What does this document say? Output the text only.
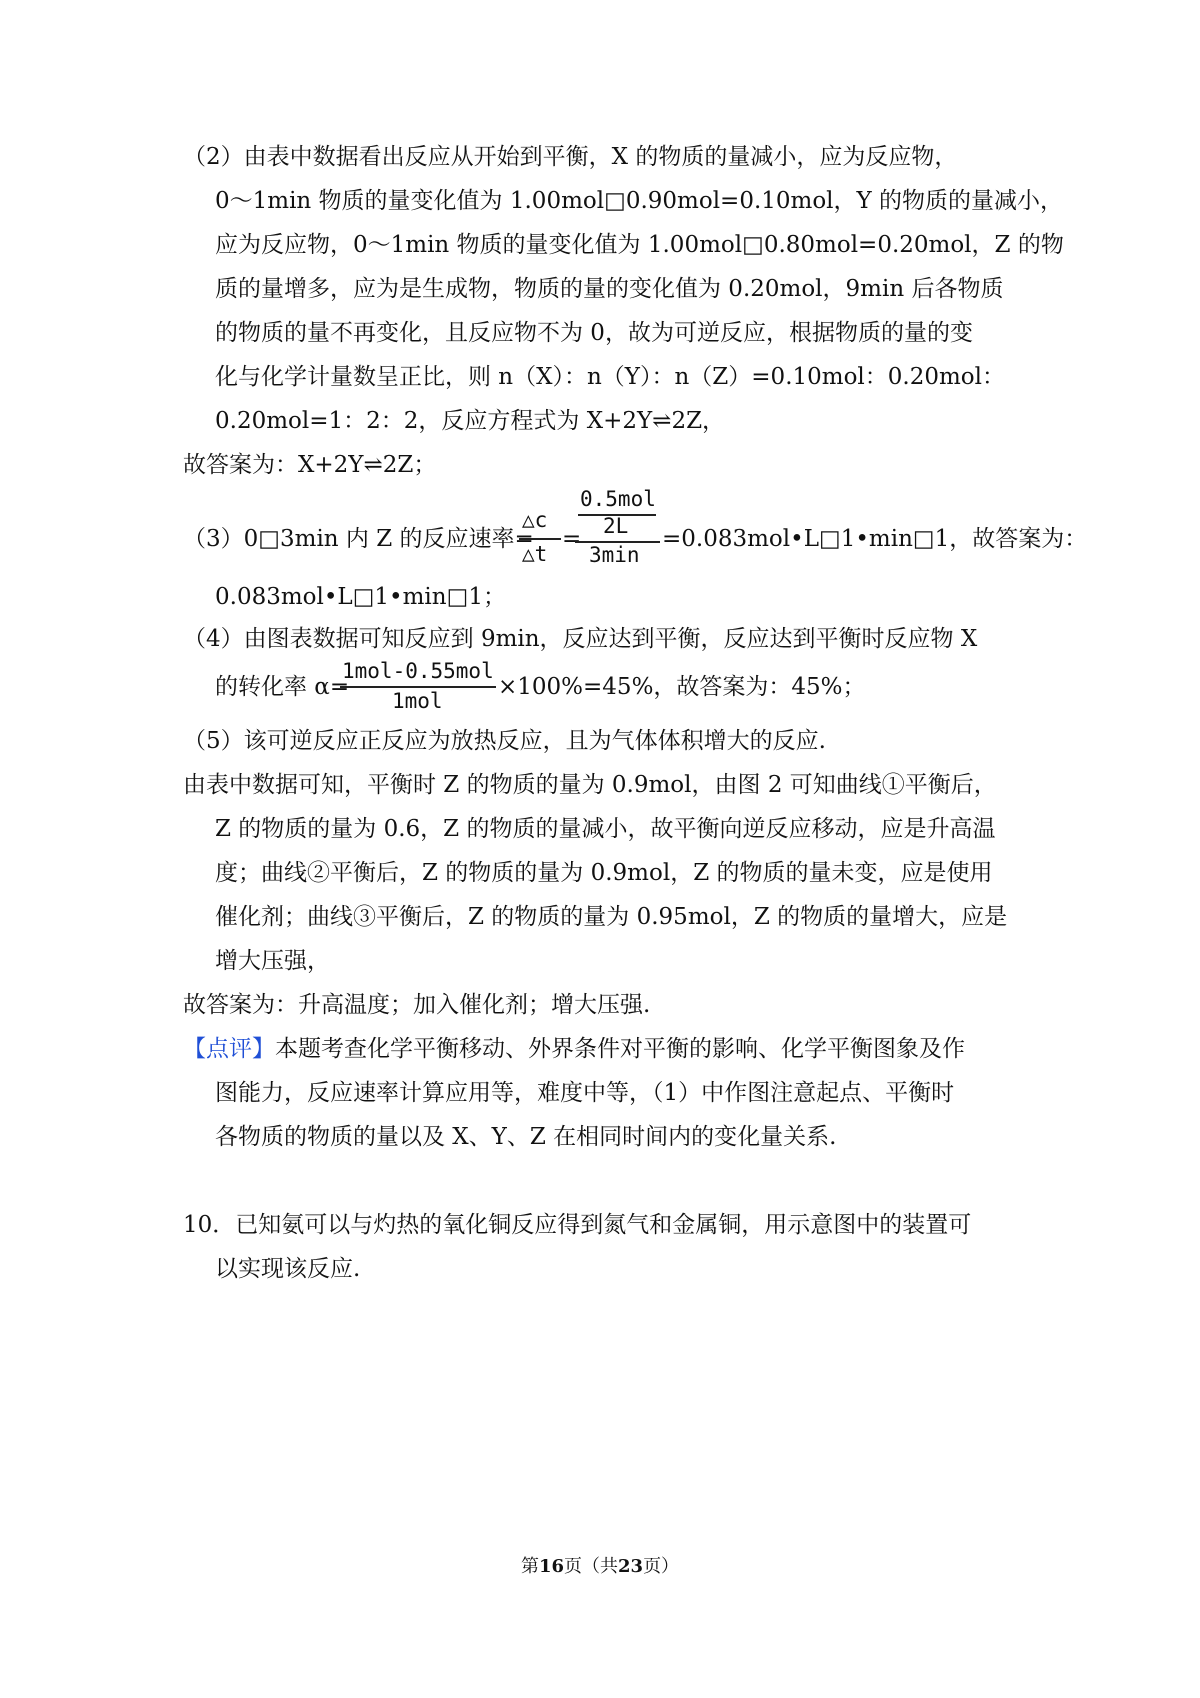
（2）由表中数据看出反应从开始到平衡，X 的物质的量减小，应为反应物，
0～1min 物质的量变化值为 1.00mol□0.90mol=0.10mol，Y 的物质的量减小，
应为反应物，0～1min 物质的量变化值为 1.00mol□0.80mol=0.20mol，Z 的物
质的量增多，应为是生成物，物质的量的变化值为 0.20mol，9min 后各物质
的物质的量不再变化，且反应物不为 0，故为可逆反应，根据物质的量的变
化与化学计量数呈正比，则 n（X）：n（Y）：n（Z）=0.10mol：0.20mol：
0.20mol=1：2：2，反应方程式为 X+2Y⇌2Z，
故答案为：X+2Y⇌2Z；
（3）0□3min 内 Z 的反应速率=
△c
△t
=
0.5mol
2L
3min
=0.083mol•L□1•min□1，故答案为：
0.083mol•L□1•min□1；
（4）由图表数据可知反应到 9min，反应达到平衡，反应达到平衡时反应物 X
的转化率 α=
1mol-0.55mol
1mol
×100%=45%，故答案为：45%；
（5）该可逆反应正反应为放热反应，且为气体体积增大的反应.
由表中数据可知，平衡时 Z 的物质的量为 0.9mol，由图 2 可知曲线①平衡后，
Z 的物质的量为 0.6，Z 的物质的量减小，故平衡向逆反应移动，应是升高温
度；曲线②平衡后，Z 的物质的量为 0.9mol，Z 的物质的量未变，应是使用
催化剂；曲线③平衡后，Z 的物质的量为 0.95mol，Z 的物质的量增大，应是
增大压强，
故答案为：升高温度；加入催化剂；增大压强.
【点评】本题考查化学平衡移动、外界条件对平衡的影响、化学平衡图象及作
图能力，反应速率计算应用等，难度中等，（1）中作图注意起点、平衡时
各物质的物质的量以及 X、Y、Z 在相同时间内的变化量关系.
10．已知氨可以与灼热的氧化铜反应得到氮气和金属铜，用示意图中的装置可
以实现该反应.
第16页（共23页）
